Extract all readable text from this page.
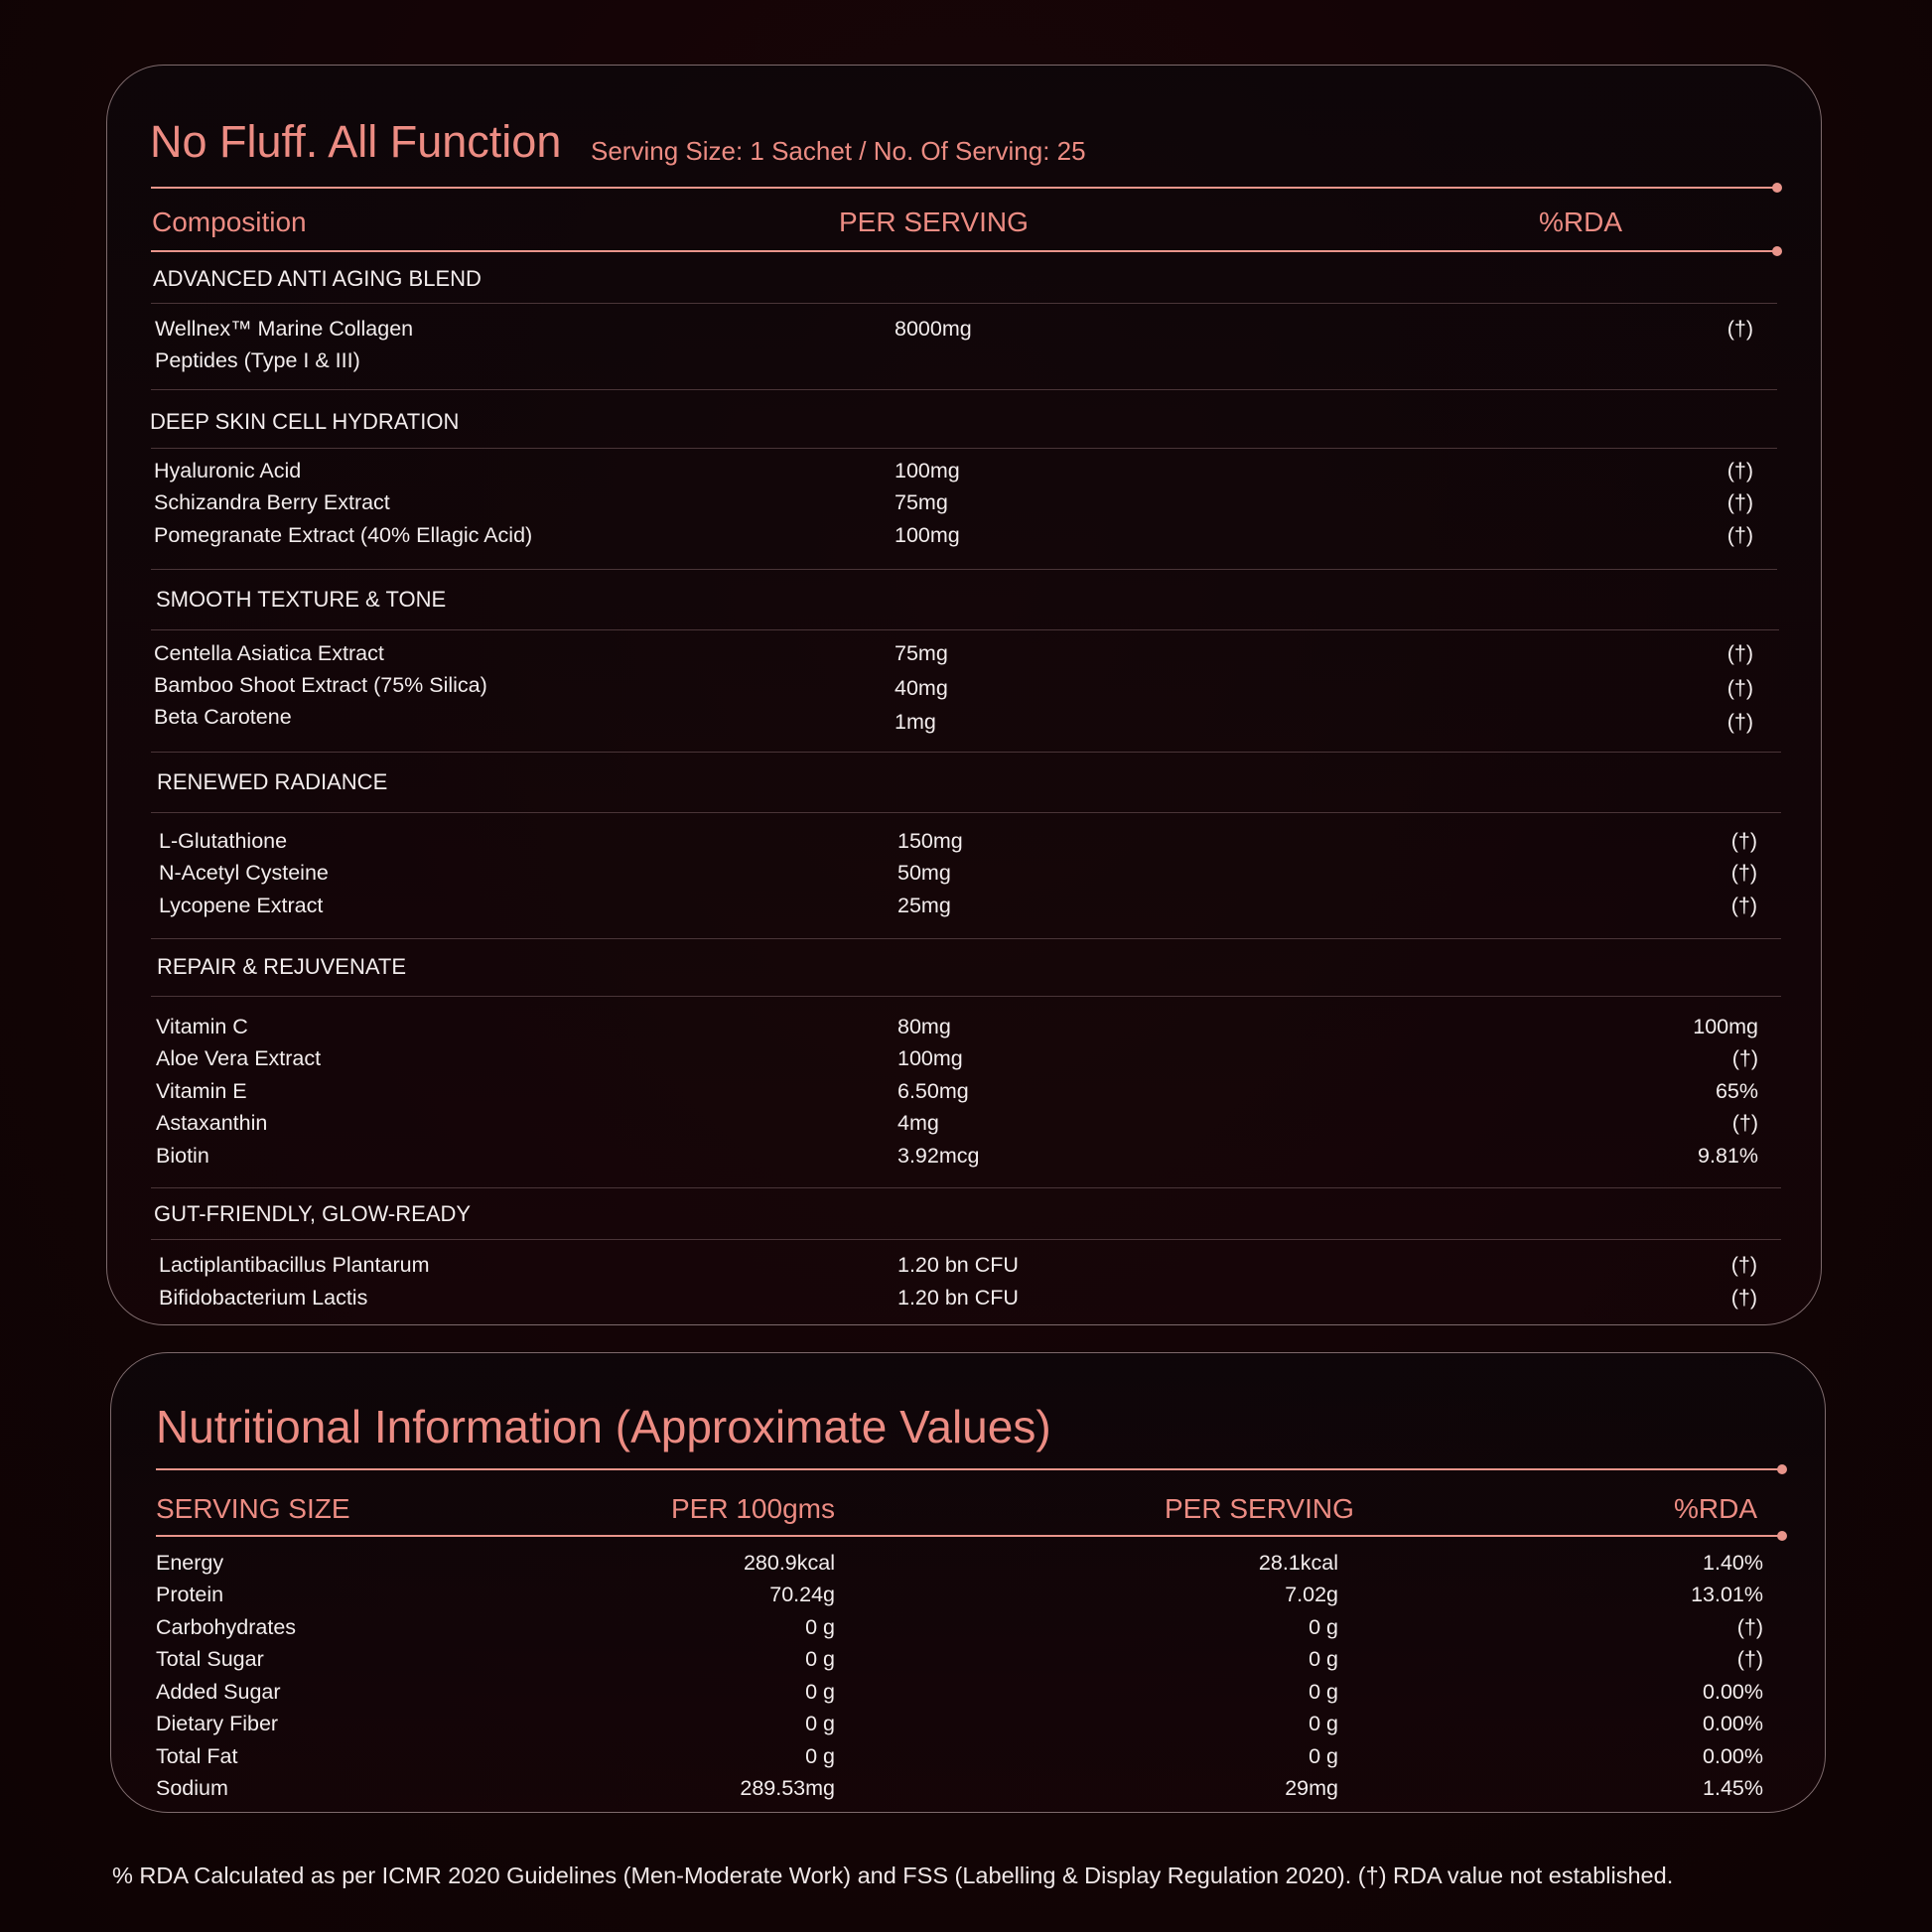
No Fluff. All Function Serving Size: 1 Sachet / No. Of Serving: 25
Composition	PER SERVING	%RDA
ADVANCED ANTI AGING BLEND
Wellnex™ Marine Collagen
Peptides (Type I & III)
8000mg	(†)
DEEP SKIN CELL HYDRATION
Hyaluronic Acid	100mg	(†)
Schizandra Berry Extract	75mg	(†)
Pomegranate Extract (40% Ellagic Acid)	100mg	(†)
SMOOTH TEXTURE & TONE
Centella Asiatica Extract	75mg	(†)
Bamboo Shoot Extract (75% Silica)	40mg	(†)
Beta Carotene	1mg	(†)
RENEWED RADIANCE
L-Glutathione	150mg	(†)
N-Acetyl Cysteine	50mg	(†)
Lycopene Extract	25mg	(†)
REPAIR & REJUVENATE
Vitamin C	80mg	100mg
Aloe Vera Extract	100mg	(†)
Vitamin E	6.50mg	65%
Astaxanthin	4mg	(†)
Biotin	3.92mcg	9.81%
GUT-FRIENDLY, GLOW-READY
Lactiplantibacillus Plantarum	1.20 bn CFU	(†)
Bifidobacterium Lactis	1.20 bn CFU	(†)
Nutritional Information (Approximate Values)
SERVING SIZE	PER 100gms	PER SERVING	%RDA
Energy	280.9kcal	28.1kcal	1.40%
Protein	70.24g	7.02g	13.01%
Carbohydrates	0 g	0 g	(†)
Total Sugar	0 g	0 g	(†)
Added Sugar	0 g	0 g	0.00%
Dietary Fiber	0 g	0 g	0.00%
Total Fat	0 g	0 g	0.00%
Sodium	289.53mg	29mg	1.45%
% RDA Calculated as per ICMR 2020 Guidelines (Men-Moderate Work) and FSS (Labelling & Display Regulation 2020). (†) RDA value not established.
